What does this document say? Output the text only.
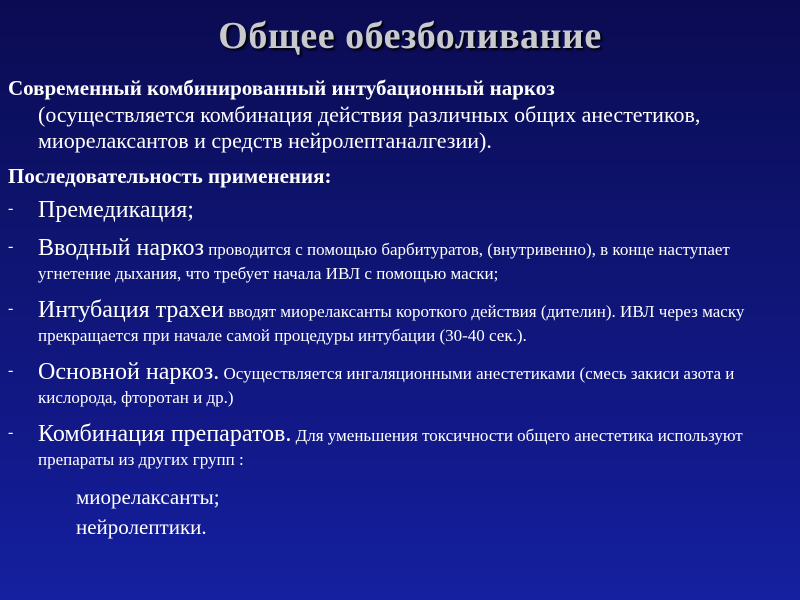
Общее обезболивание
Современный комбинированный интубационный наркоз
(осуществляется комбинация действия различных общих анестетиков, миорелаксантов и средств нейролептаналгезии).
Последовательность применения:
- Премедикация;
- Вводный наркоз проводится с помощью барбитуратов, (внутривенно), в конце наступает угнетение дыхания, что требует начала ИВЛ с помощью маски;
- Интубация трахеи вводят миорелаксанты короткого действия (дителин). ИВЛ через маску прекращается при начале самой процедуры интубации (30-40 сек.).
- Основной наркоз. Осуществляется ингаляционными анестетиками (смесь закиси азота и кислорода, фторотан и др.)
- Комбинация препаратов. Для уменьшения токсичности общего анестетика используют препараты из других групп :
миорелаксанты;
нейролептики.
